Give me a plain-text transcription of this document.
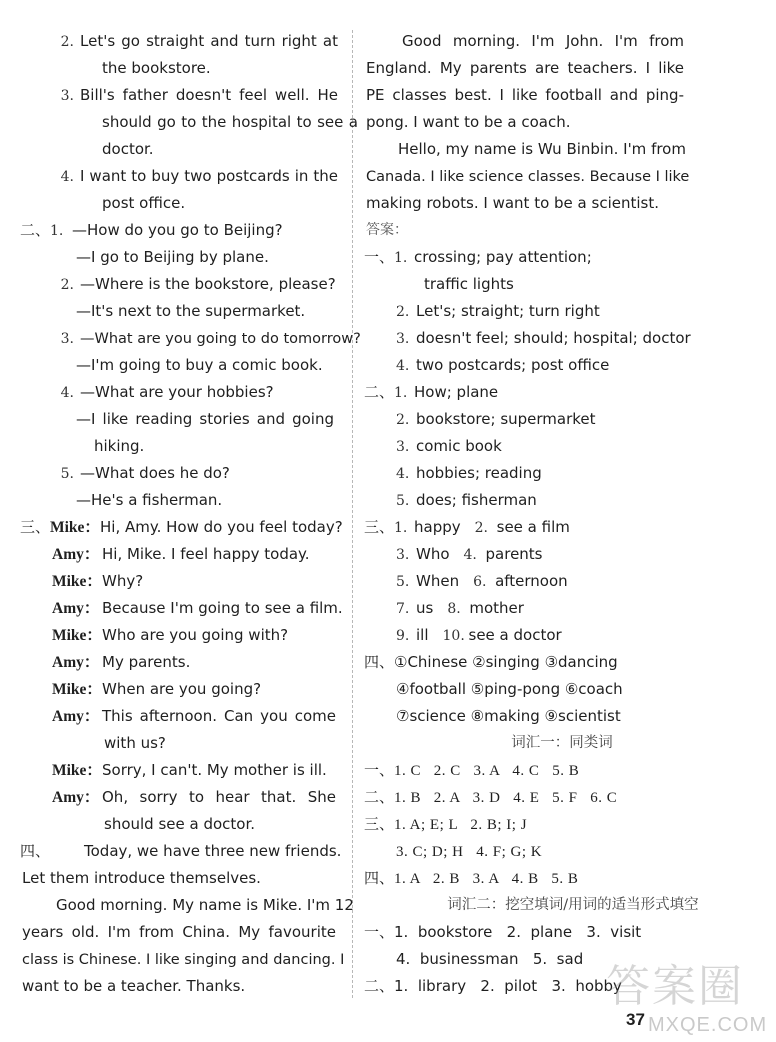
2. Let's go straight and turn right at
the bookstore.
3. Bill's father doesn't feel well. He
should go to the hospital to see a
doctor.
4. I want to buy two postcards in the
post office.
二、1. —How do you go to Beijing?
—I go to Beijing by plane.
2. —Where is the bookstore, please?
—It's next to the supermarket.
3. —What are you going to do tomorrow?
—I'm going to buy a comic book.
4. —What are your hobbies?
—I like reading stories and going
hiking.
5. —What does he do?
—He's a fisherman.
三、Mike：Hi, Amy. How do you feel today?
Amy： Hi, Mike. I feel happy today.
Mike：Why?
Amy： Because I'm going to see a film.
Mike：Who are you going with?
Amy： My parents.
Mike：When are you going?
Amy： This afternoon. Can you come
with us?
Mike：Sorry, I can't. My mother is ill.
Amy： Oh, sorry to hear that. She
should see a doctor.
四、 Today, we have three new friends.
Let them introduce themselves.
Good morning. My name is Mike. I'm 12
years old. I'm from China. My favourite
class is Chinese. I like singing and dancing. I
want to be a teacher. Thanks.
Good morning. I'm John. I'm from
England. My parents are teachers. I like
PE classes best. I like football and ping-
pong. I want to be a coach.
Hello, my name is Wu Binbin. I'm from
Canada. I like science classes. Because I like
making robots. I want to be a scientist.
答案：
一、1. crossing; pay attention;
traffic lights
2. Let's; straight; turn right
3. doesn't feel; should; hospital; doctor
4. two postcards; post office
二、1. How; plane
2. bookstore; supermarket
3. comic book
4. hobbies; reading
5. does; fisherman
三、1. happy 2. see a film
3. Who 4. parents
5. When 6. afternoon
7. us 8. mother
9. ill 10. see a doctor
四、①Chinese ②singing ③dancing
④football ⑤ping-pong ⑥coach
⑦science ⑧making ⑨scientist
词汇一：同类词
一、1. C   2. C   3. A   4. C   5. B
二、1. B   2. A   3. D   4. E   5. F   6. C
三、1. A; E; L   2. B; I; J
3. C; D; H   4. F; G; K
四、1. A   2. B   3. A   4. B   5. B
词汇二：挖空填词/用词的适当形式填空
一、1.  bookstore   2.  plane   3.  visit
4.  businessman   5.  sad
二、1.  library   2.  pilot   3.  hobby
答案圈
MXQE.COM
37
